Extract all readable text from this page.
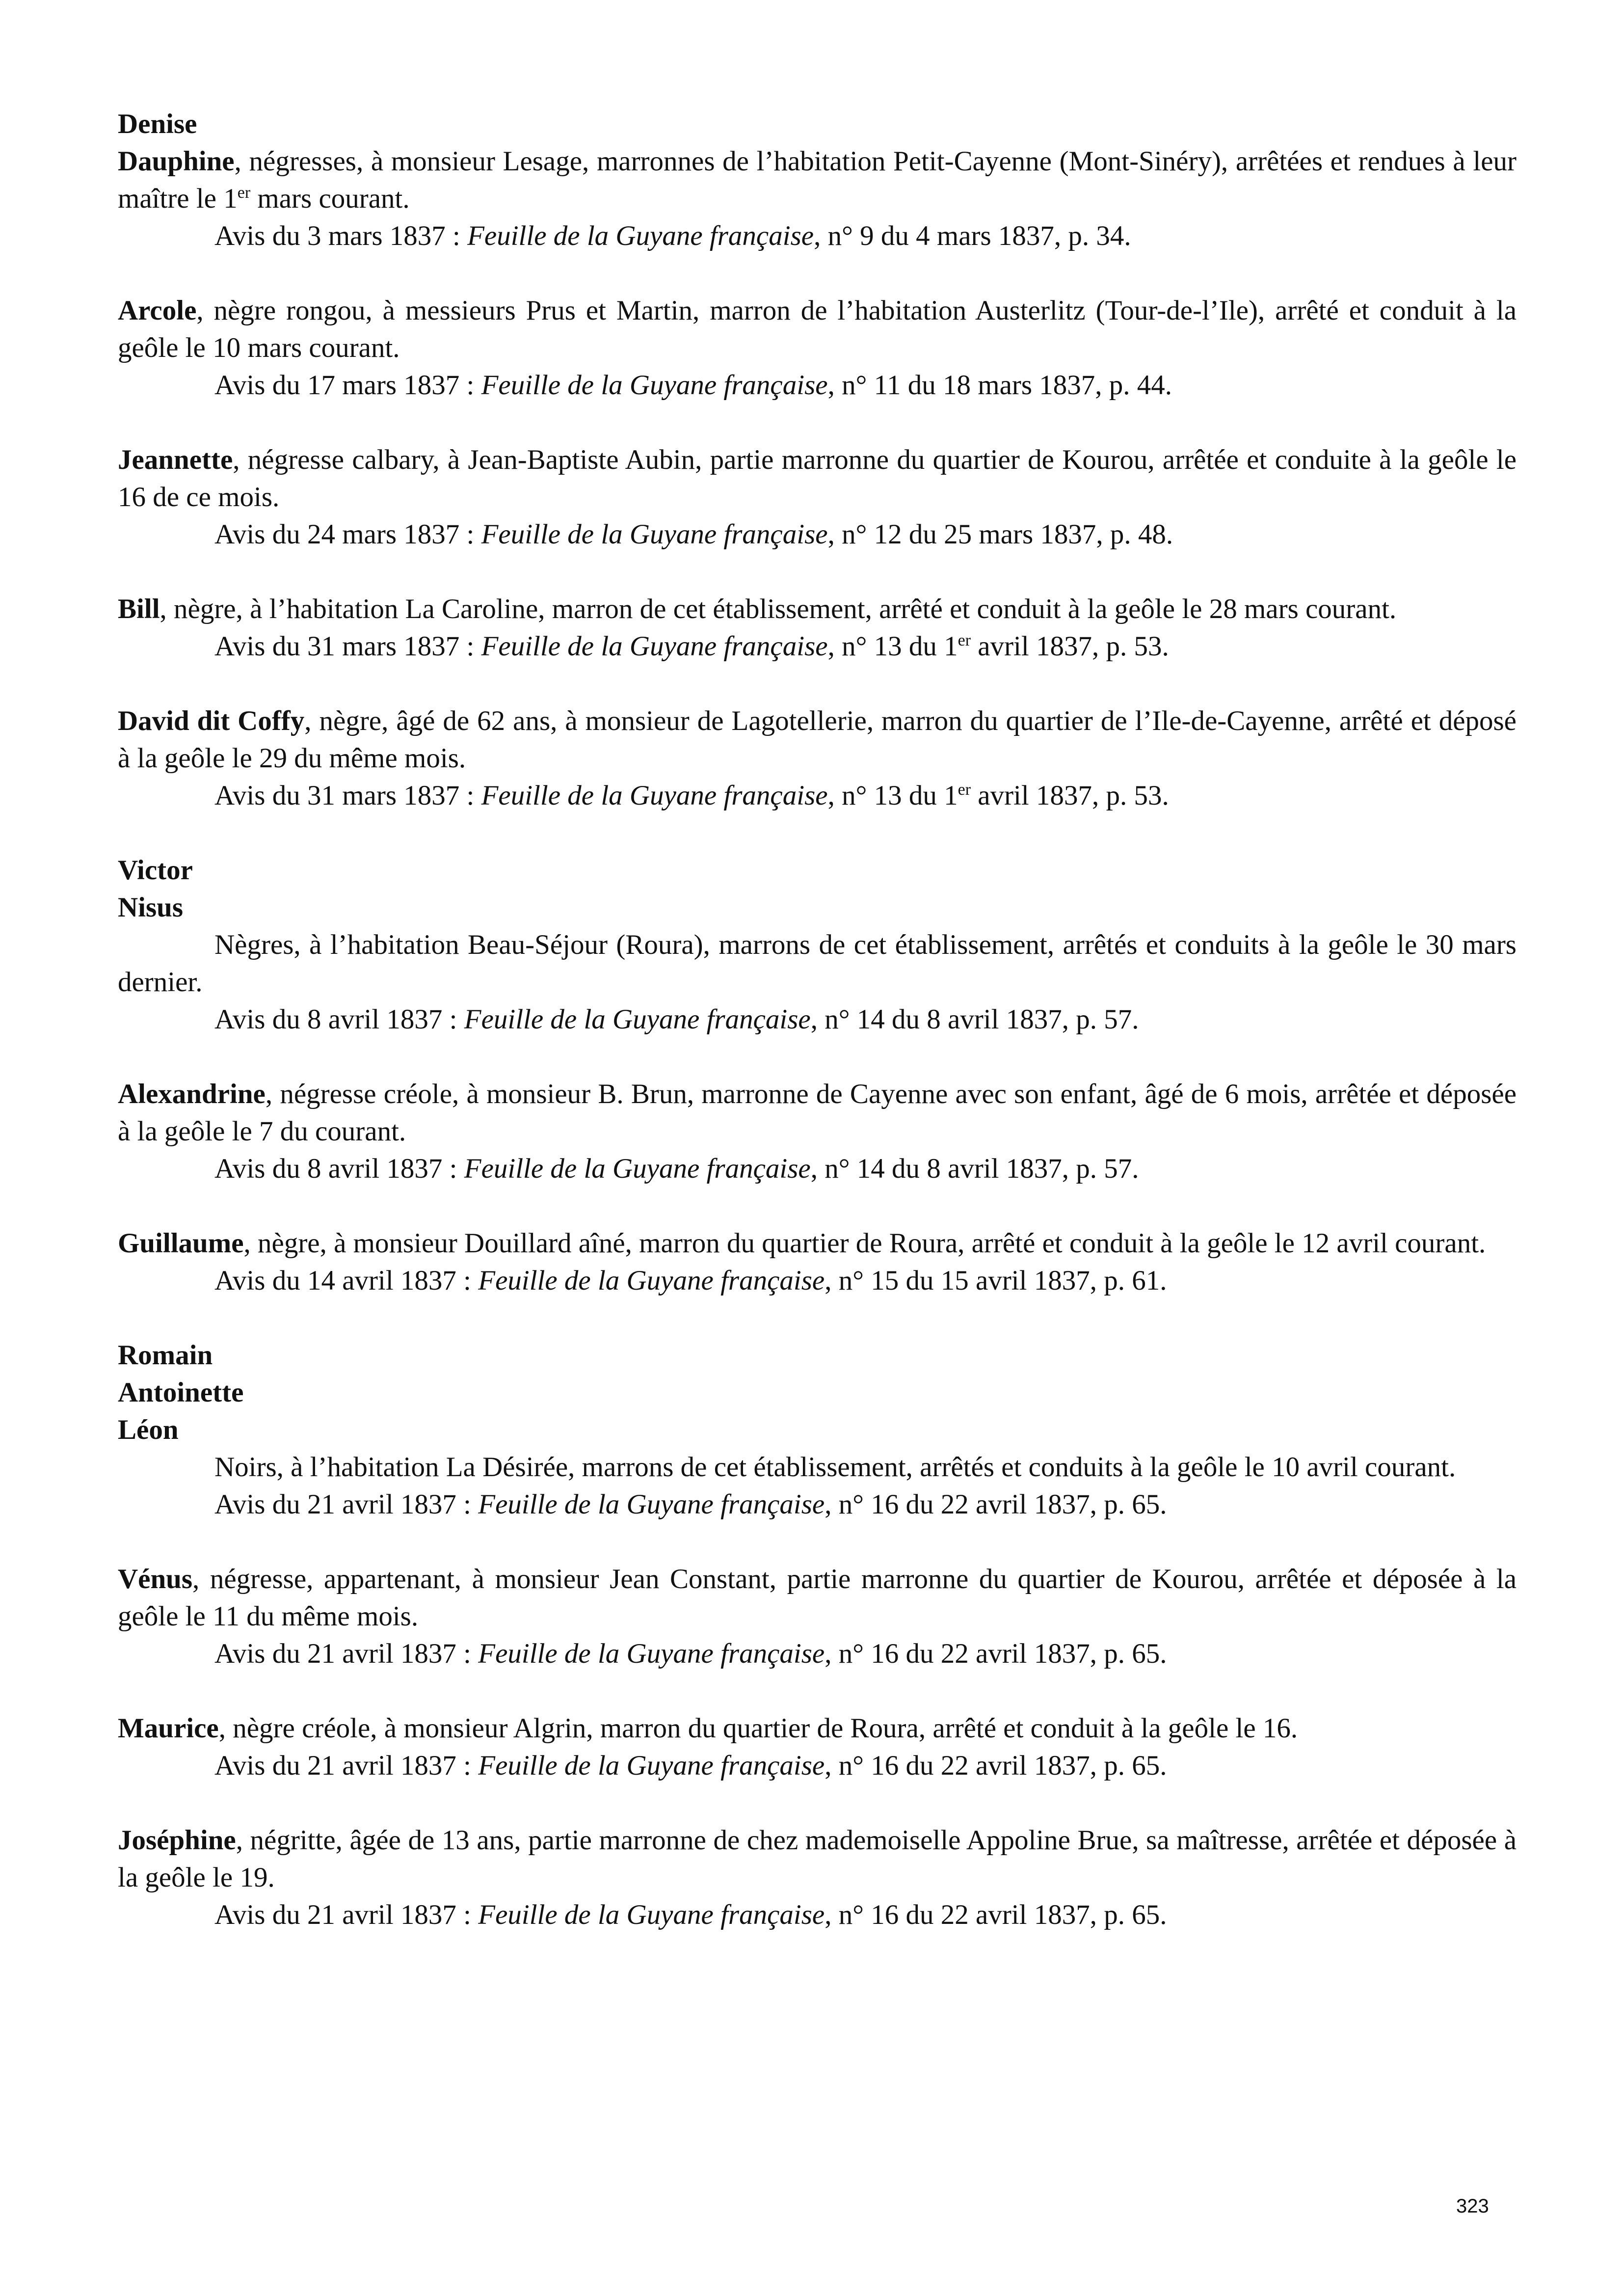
Denise

Dauphine, négresses, à monsieur Lesage, marronnes de l’habitation Petit-Cayenne (Mont-Sinéry), arrêtées et rendues à leur maître le 1er mars courant.

Avis du 3 mars 1837 : Feuille de la Guyane française, n° 9 du 4 mars 1837, p. 34.

Arcole, nègre rongou, à messieurs Prus et Martin, marron de l’habitation Austerlitz (Tour-de-l’Ile), arrêté et conduit à la geôle le 10 mars courant.

Avis du 17 mars 1837 : Feuille de la Guyane française, n° 11 du 18 mars 1837, p. 44.

Jeannette, négresse calbary, à Jean-Baptiste Aubin, partie marronne du quartier de Kourou, arrêtée et conduite à la geôle le 16 de ce mois.

Avis du 24 mars 1837 : Feuille de la Guyane française, n° 12 du 25 mars 1837, p. 48.

Bill, nègre, à l’habitation La Caroline, marron de cet établissement, arrêté et conduit à la geôle le 28 mars courant.

Avis du 31 mars 1837 : Feuille de la Guyane française, n° 13 du 1er avril 1837, p. 53.

David dit Coffy, nègre, âgé de 62 ans, à monsieur de Lagotellerie, marron du quartier de l’Ile-de-Cayenne, arrêté et déposé à la geôle le 29 du même mois.

Avis du 31 mars 1837 : Feuille de la Guyane française, n° 13 du 1er avril 1837, p. 53.

Victor
Nisus

Nègres, à l’habitation Beau-Séjour (Roura), marrons de cet établissement, arrêtés et conduits à la geôle le 30 mars dernier.

Avis du 8 avril 1837 : Feuille de la Guyane française, n° 14 du 8 avril 1837, p. 57.

Alexandrine, négresse créole, à monsieur B. Brun, marronne de Cayenne avec son enfant, âgé de 6 mois, arrêtée et déposée à la geôle le 7 du courant.

Avis du 8 avril 1837 : Feuille de la Guyane française, n° 14 du 8 avril 1837, p. 57.

Guillaume, nègre, à monsieur Douillard aîné, marron du quartier de Roura, arrêté et conduit à la geôle le 12 avril courant.

Avis du 14 avril 1837 : Feuille de la Guyane française, n° 15 du 15 avril 1837, p. 61.

Romain
Antoinette
Léon

Noirs, à l’habitation La Désirée, marrons de cet établissement, arrêtés et conduits à la geôle le 10 avril courant.

Avis du 21 avril 1837 : Feuille de la Guyane française, n° 16 du 22 avril 1837, p. 65.

Vénus, négresse, appartenant, à monsieur Jean Constant, partie marronne du quartier de Kourou, arrêtée et déposée à la geôle le 11 du même mois.

Avis du 21 avril 1837 : Feuille de la Guyane française, n° 16 du 22 avril 1837, p. 65.

Maurice, nègre créole, à monsieur Algrin, marron du quartier de Roura, arrêté et conduit à la geôle le 16.

Avis du 21 avril 1837 : Feuille de la Guyane française, n° 16 du 22 avril 1837, p. 65.

Joséphine, négritte, âgée de 13 ans, partie marronne de chez mademoiselle Appoline Brue, sa maîtresse, arrêtée et déposée à la geôle le 19.

Avis du 21 avril 1837 : Feuille de la Guyane française, n° 16 du 22 avril 1837, p. 65.

323
